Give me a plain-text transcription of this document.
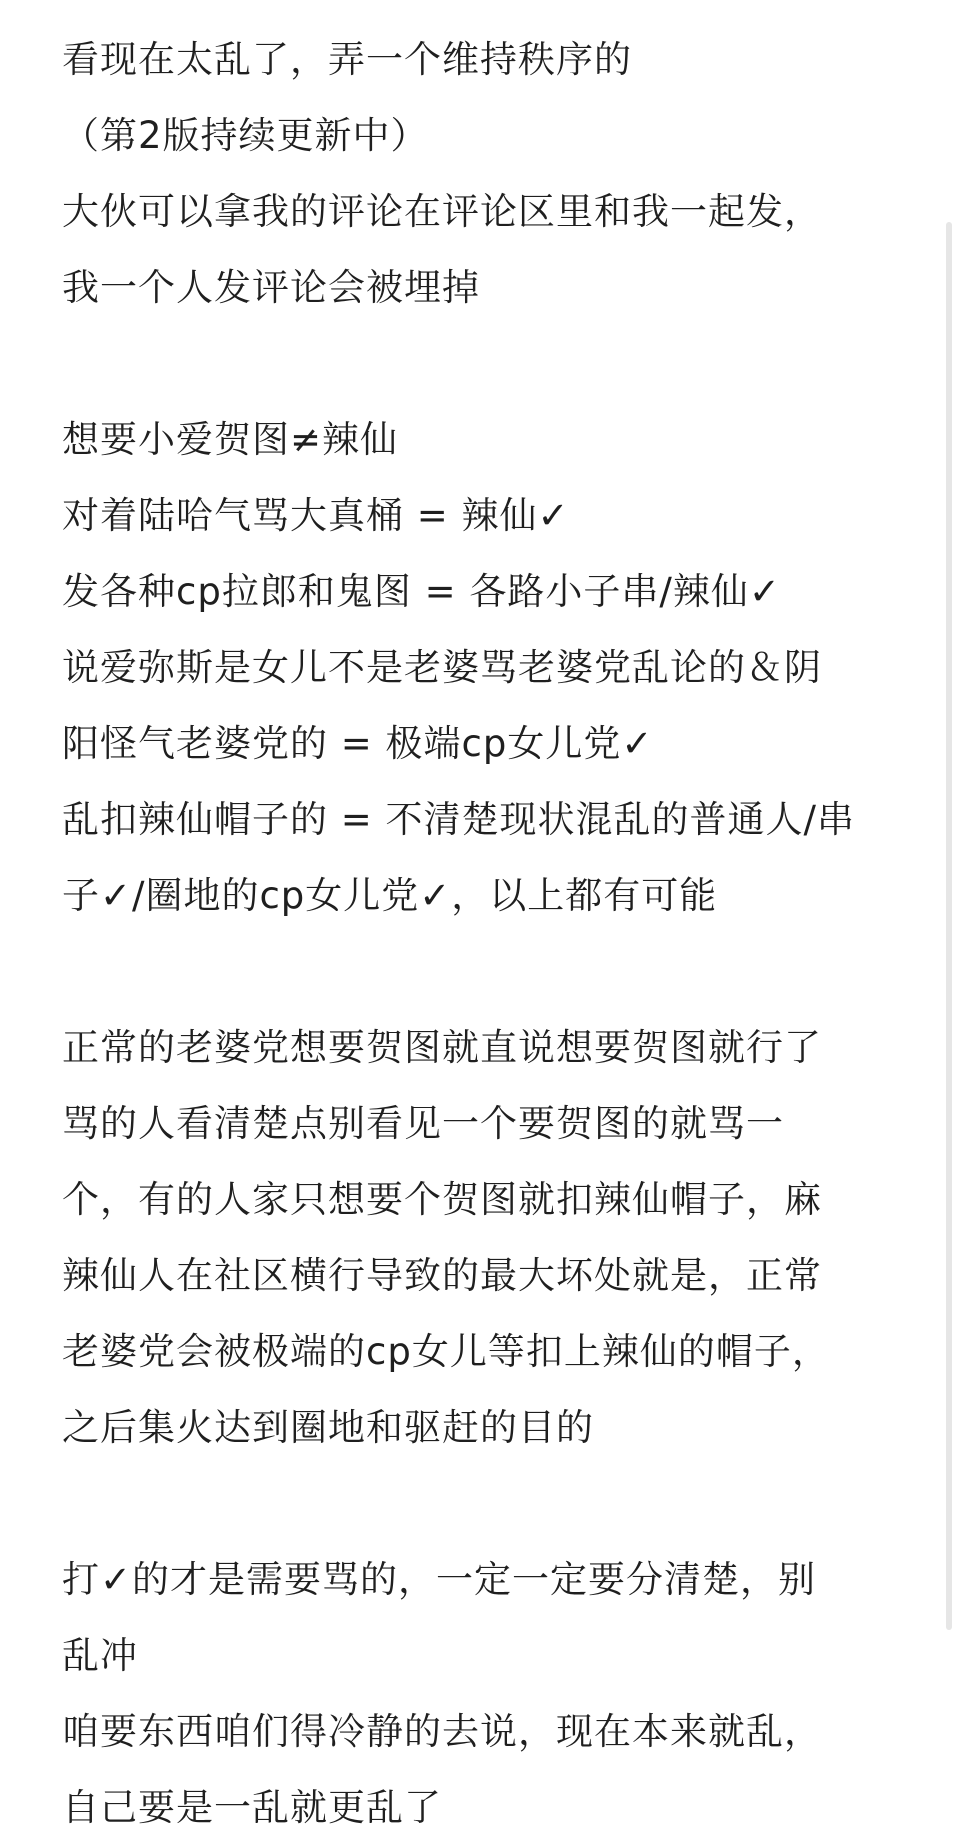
看现在太乱了，弄一个维持秩序的
（第2版持续更新中）
大伙可以拿我的评论在评论区里和我一起发，
我一个人发评论会被埋掉
想要小爱贺图≠辣仙
对着陆哈气骂大真桶 = 辣仙✓
发各种cp拉郎和鬼图 = 各路小子串/辣仙✓
说爱弥斯是女儿不是老婆骂老婆党乱论的＆阴
阳怪气老婆党的 = 极端cp女儿党✓
乱扣辣仙帽子的 = 不清楚现状混乱的普通人/串
子✓/圈地的cp女儿党✓，以上都有可能
正常的老婆党想要贺图就直说想要贺图就行了
骂的人看清楚点别看见一个要贺图的就骂一
个，有的人家只想要个贺图就扣辣仙帽子，麻
辣仙人在社区横行导致的最大坏处就是，正常
老婆党会被极端的cp女儿等扣上辣仙的帽子，
之后集火达到圈地和驱赶的目的
打✓的才是需要骂的，一定一定要分清楚，别
乱冲
咱要东西咱们得冷静的去说，现在本来就乱，
自己要是一乱就更乱了
